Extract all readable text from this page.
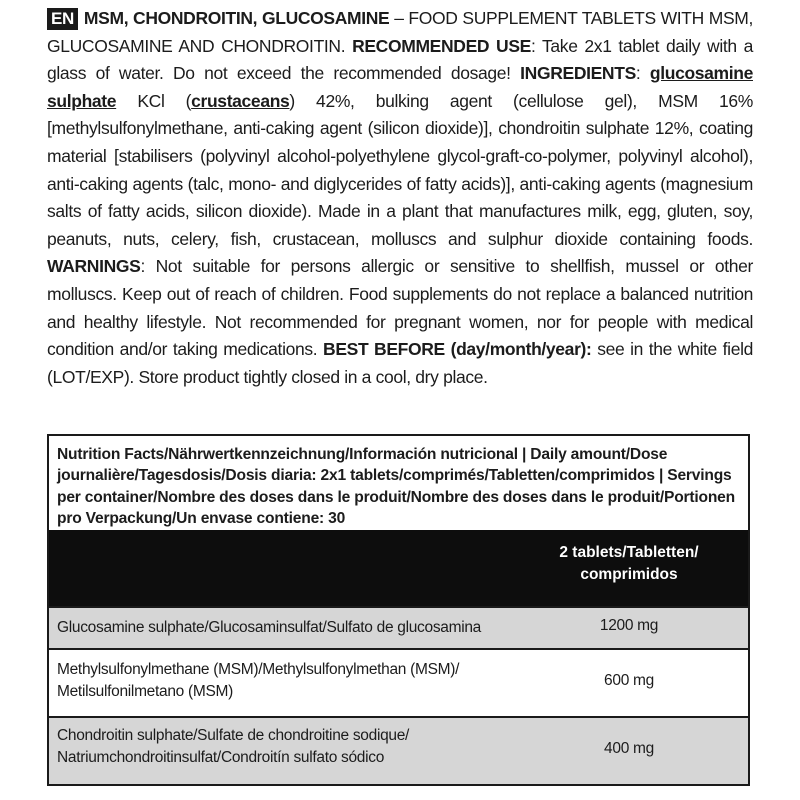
EN MSM, CHONDROITIN, GLUCOSAMINE – FOOD SUPPLEMENT TABLETS WITH MSM, GLUCOSAMINE AND CHONDROITIN. RECOMMENDED USE: Take 2x1 tablet daily with a glass of water. Do not exceed the recommended dosage! INGREDIENTS: glucosamine sulphate KCl (crustaceans) 42%, bulking agent (cellulose gel), MSM 16% [methylsulfonylmethane, anti-caking agent (silicon dioxide)], chondroitin sulphate 12%, coating material [stabilisers (polyvinyl alcohol-polyethylene glycol-graft-co-polymer, polyvinyl alcohol), anti-caking agents (talc, mono- and diglycerides of fatty acids)], anti-caking agents (magnesium salts of fatty acids, silicon dioxide). Made in a plant that manufactures milk, egg, gluten, soy, peanuts, nuts, celery, fish, crustacean, molluscs and sulphur dioxide containing foods. WARNINGS: Not suitable for persons allergic or sensitive to shellfish, mussel or other molluscs. Keep out of reach of children. Food supplements do not replace a balanced nutrition and healthy lifestyle. Not recommended for pregnant women, nor for people with medical condition and/or taking medications. BEST BEFORE (day/month/year): see in the white field (LOT/EXP). Store product tightly closed in a cool, dry place.

Nutrition Facts/Nährwertkennzeichnung/Información nutricional | Daily amount/Dose journalière/Tagesdosis/Dosis diaria: 2x1 tablets/comprimés/Tabletten/comprimidos | Servings per container/Nombre des doses dans le produit/Nombre des doses dans le produit/Portionen pro Verpackung/Un envase contiene: 30
2 tablets/Tabletten/
comprimidos
Glucosamine sulphate/Glucosaminsulfat/Sulfato de glucosamina	1200 mg
Methylsulfonylmethane (MSM)/Methylsulfonylmethan (MSM)/ Metilsulfonilmetano (MSM)
600 mg
Chondroitin sulphate/Sulfate de chondroitine sodique/ Natriumchondroitinsulfat/Condroitín sulfato sódico
400 mg
